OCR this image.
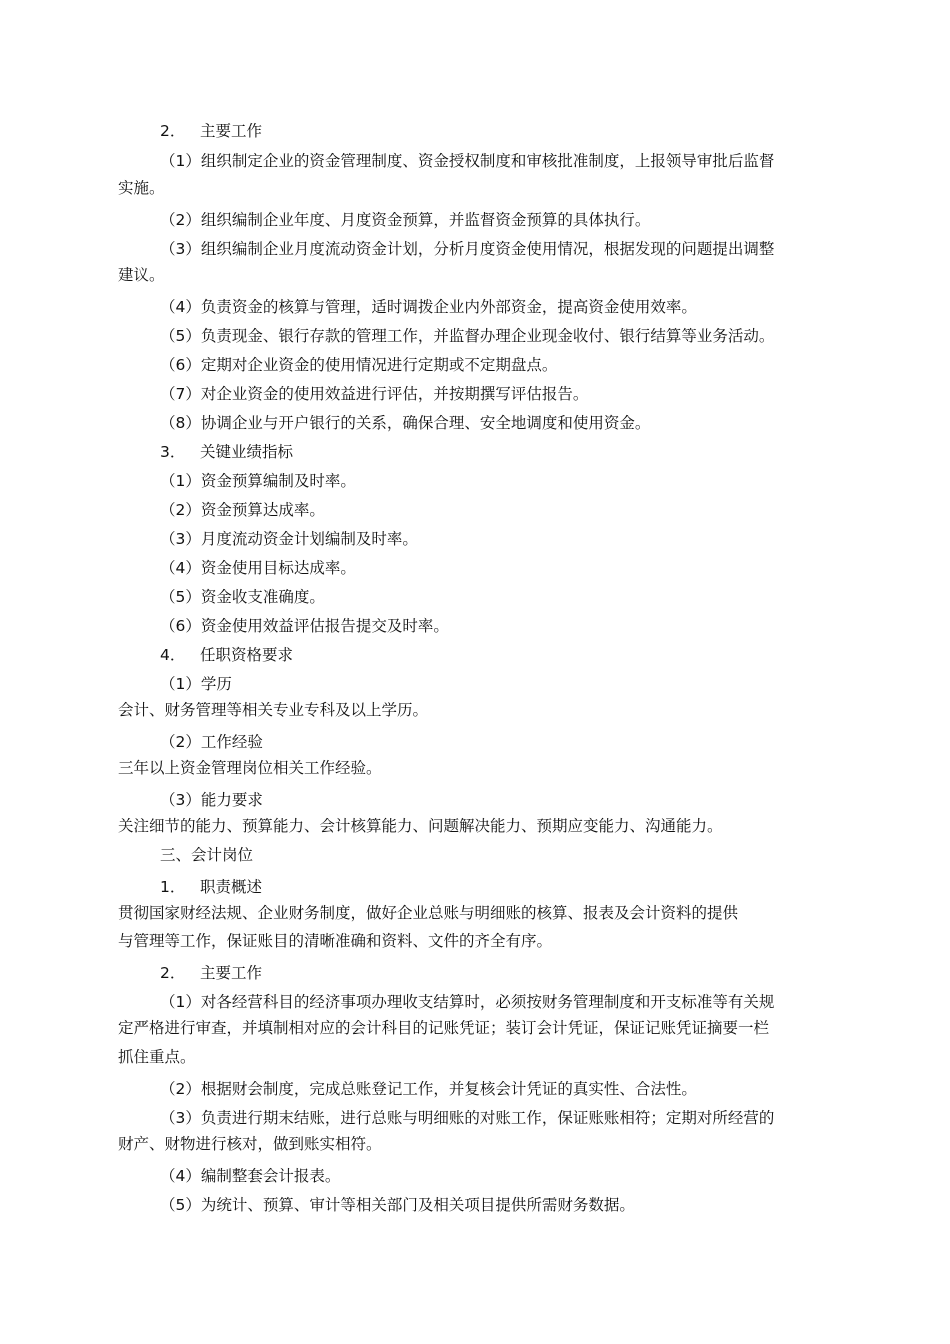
2． 主要工作
（1）组织制定企业的资金管理制度、资金授权制度和审核批准制度，上报领导审批后监督
实施。
（2）组织编制企业年度、月度资金预算，并监督资金预算的具体执行。
（3）组织编制企业月度流动资金计划，分析月度资金使用情况，根据发现的问题提出调整
建议。
（4）负责资金的核算与管理，适时调拨企业内外部资金，提高资金使用效率。
（5）负责现金、银行存款的管理工作，并监督办理企业现金收付、银行结算等业务活动。
（6）定期对企业资金的使用情况进行定期或不定期盘点。
（7）对企业资金的使用效益进行评估，并按期撰写评估报告。
（8）协调企业与开户银行的关系，确保合理、安全地调度和使用资金。
3． 关键业绩指标
（1）资金预算编制及时率。
（2）资金预算达成率。
（3）月度流动资金计划编制及时率。
（4）资金使用目标达成率。
（5）资金收支准确度。
（6）资金使用效益评估报告提交及时率。
4． 任职资格要求
（1）学历
会计、财务管理等相关专业专科及以上学历。
（2）工作经验
三年以上资金管理岗位相关工作经验。
（3）能力要求
关注细节的能力、预算能力、会计核算能力、问题解决能力、预期应变能力、沟通能力。
三、会计岗位
1． 职责概述
贯彻国家财经法规、企业财务制度，做好企业总账与明细账的核算、报表及会计资料的提供
与管理等工作，保证账目的清晰准确和资料、文件的齐全有序。
2． 主要工作
（1）对各经营科目的经济事项办理收支结算时，必须按财务管理制度和开支标准等有关规
定严格进行审查，并填制相对应的会计科目的记账凭证；装订会计凭证，保证记账凭证摘要一栏
抓住重点。
（2）根据财会制度，完成总账登记工作，并复核会计凭证的真实性、合法性。
（3）负责进行期末结账，进行总账与明细账的对账工作，保证账账相符；定期对所经营的
财产、财物进行核对，做到账实相符。
（4）编制整套会计报表。
（5）为统计、预算、审计等相关部门及相关项目提供所需财务数据。
